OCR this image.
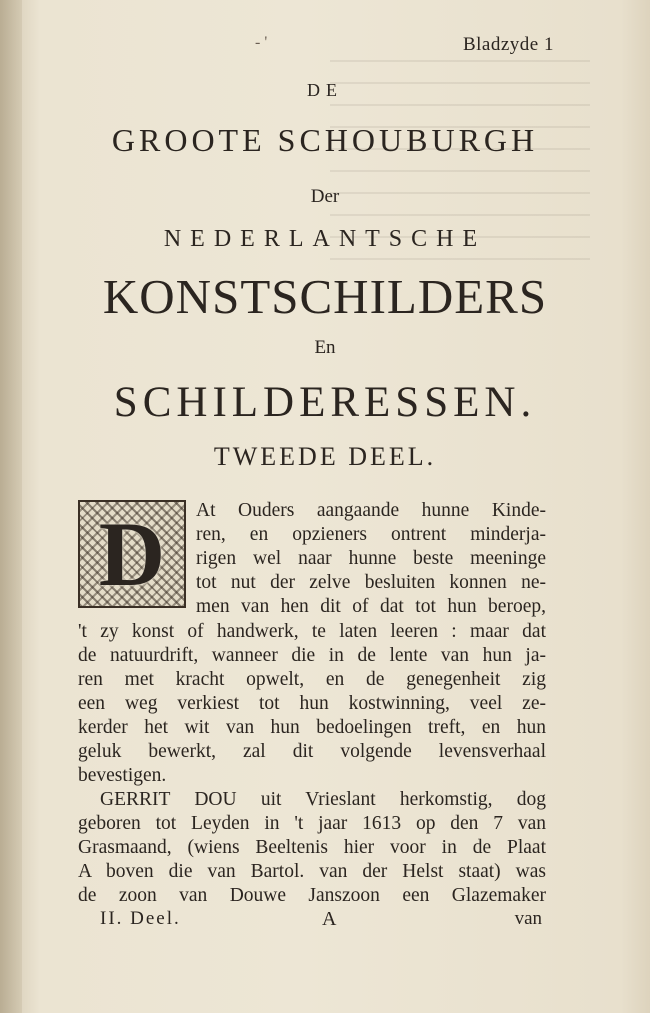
- '	Bladzyde 1
DE
GROOTE SCHOUBURGH
Der
NEDERLANTSCHE
KONSTSCHILDERS
En
SCHILDERESSEN.
TWEEDE DEEL.
D	At Ouders aangaande hunne Kinde-
ren, en opzieners ontrent minderja-
rigen wel naar hunne beste meeninge
tot nut der zelve besluiten konnen ne-
men van hen dit of dat tot hun beroep,
't zy konst of handwerk, te laten leeren : maar dat
de natuurdrift, wanneer die in de lente van hun ja-
ren met kracht opwelt, en de genegenheit zig
een weg verkiest tot hun kostwinning, veel ze-
kerder het wit van hun bedoelingen treft, en hun
geluk bewerkt, zal dit volgende levensverhaal
bevestigen.
GERRIT DOU uit Vrieslant herkomstig, dog
geboren tot Leyden in 't jaar 1613 op den 7 van
Grasmaand, (wiens Beeltenis hier voor in de Plaat
A boven die van Bartol. van der Helst staat) was
de zoon van Douwe Janszoon een Glazemaker
II. Deel.	A	van
